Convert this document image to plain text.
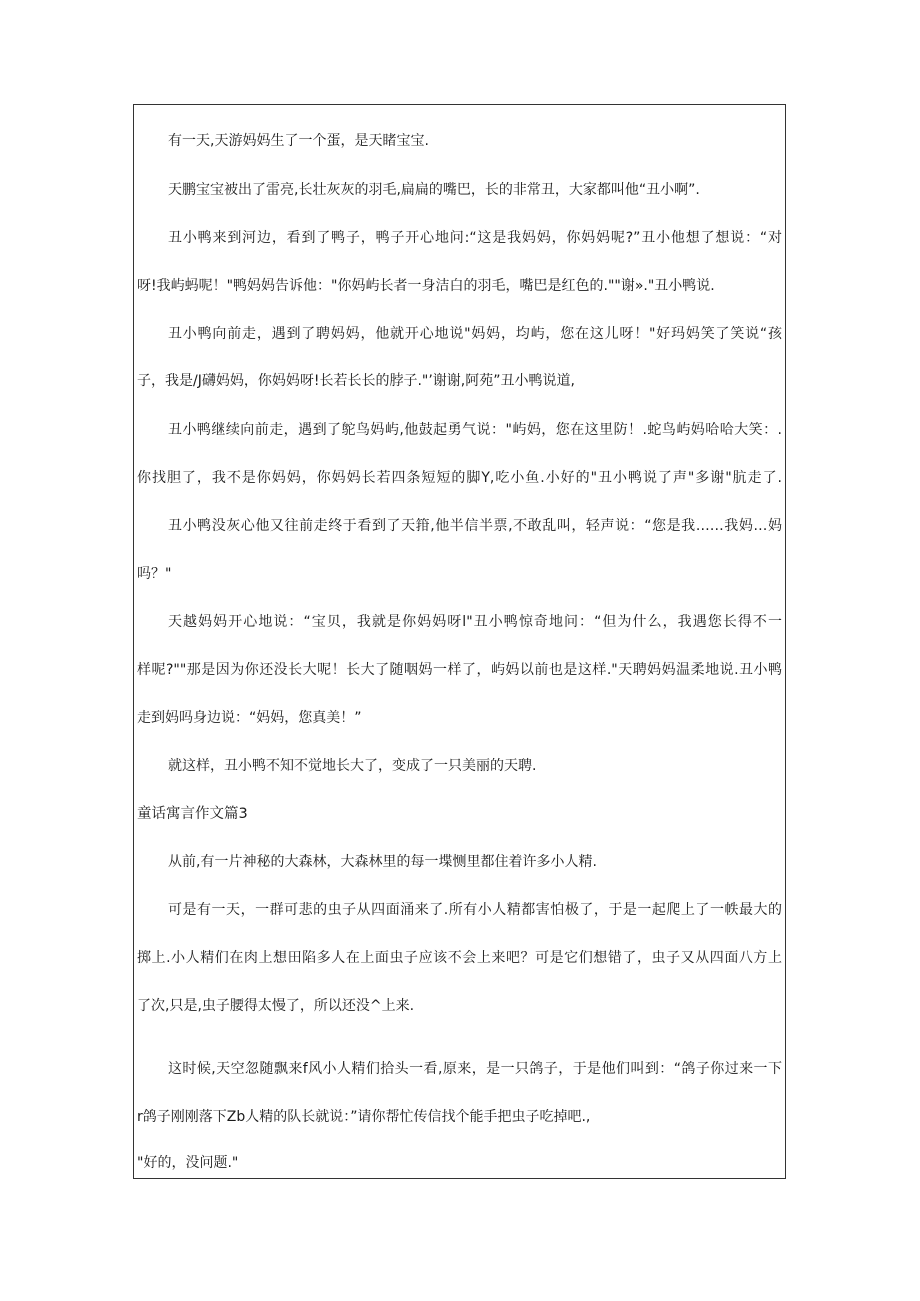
有一天,天游妈妈生了一个蛋，是天睹宝宝.
天鹏宝宝被出了雷亮,长壮灰灰的羽毛,扁扁的嘴巴，长的非常丑，大家都叫他“丑小啊”.
丑小鸭来到河边，看到了鸭子，鸭子开心地问:“这是我妈妈，你妈妈呢?”丑小他想了想说：“对
呀!我屿蚂呢！"鸭妈妈告诉他："你妈屿长者一身洁白的羽毛，嘴巴是红色的.""谢»."丑小鸭说.
丑小鸭向前走，遇到了聘妈妈，他就开心地说"妈妈，均屿，您在这儿呀！"好玛妈笑了笑说“孩
子，我是/J礴妈妈，你妈妈呀!长若长长的脖子."’谢谢,阿苑”丑小鸭说道,
丑小鸭继续向前走，遇到了鸵鸟妈屿,他鼓起勇气说："屿妈，您在这里防！.蛇鸟屿妈哈哈大笑：.
你找胆了，我不是你妈妈，你妈妈长若四条短短的脚Y,吃小鱼.小好的"丑小鸭说了声"多谢"肮走了.
丑小鸭没灰心他又往前走终于看到了天箝,他半信半票,不敢乱叫，轻声说：“您是我……我妈…妈
吗？"
天越妈妈开心地说：“宝贝，我就是你妈妈呀l"丑小鸭惊奇地问：“但为什么，我遇您长得不一
样呢?""那是因为你还没长大呢！长大了随咽妈一样了，屿妈以前也是这样."天聘妈妈温柔地说.丑小鸭
走到妈吗身边说：“妈妈，您真美！”
就这样，丑小鸭不知不觉地长大了，变成了一只美丽的天聘.
童话寓言作文篇3
从前,有一片神秘的大森林，大森林里的每一堞恻里都住着许多小人精.
可是有一天，一群可悲的虫子从四面涌来了.所有小人精都害怕极了，于是一起爬上了一帙最大的
掷上.小人精们在肉上想田陷多人在上面虫子应该不会上来吧？可是它们想错了，虫子又从四面八方上
了次,只是,虫子腰得太慢了，所以还没^上来.
这时候,天空忽随飘来f风小人精们拾头一看,原来，是一只鸽子，于是他们叫到：“鸽子你过来一下
r鸽子刚刚落下Zb人精的队长就说：”请你帮忙传信找个能手把虫子吃掉吧.,
"好的，没问题."
